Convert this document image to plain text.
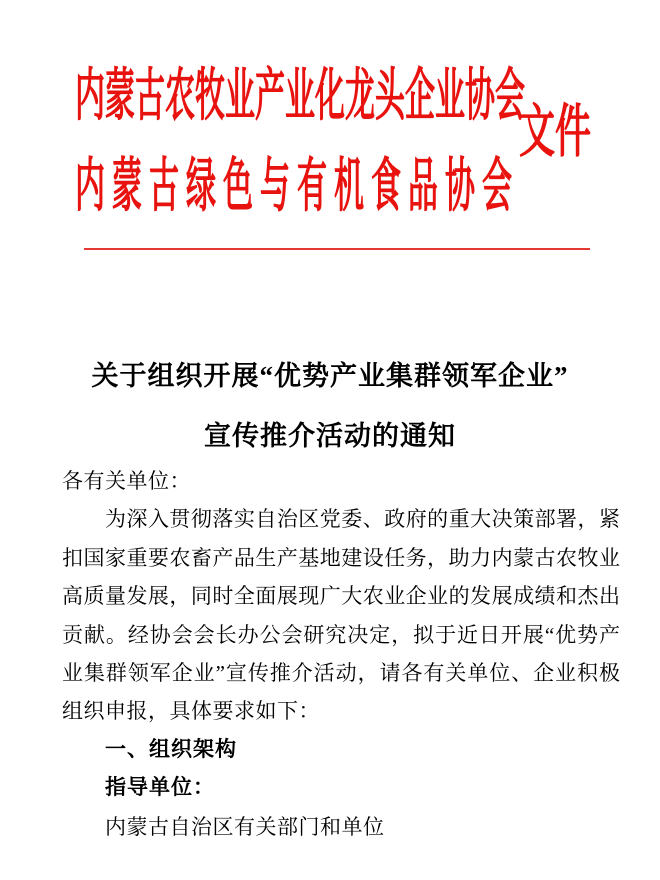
内蒙古农牧业产业化龙头企业协会
内蒙古绿色与有机食品协会
文件
关于组织开展“优势产业集群领军企业”
宣传推介活动的通知
各有关单位：
为深入贯彻落实自治区党委、政府的重大决策部署，紧
扣国家重要农畜产品生产基地建设任务，助力内蒙古农牧业
高质量发展，同时全面展现广大农业企业的发展成绩和杰出
贡献。经协会会长办公会研究决定，拟于近日开展“优势产
业集群领军企业”宣传推介活动，请各有关单位、企业积极
组织申报，具体要求如下：
一、组织架构
指导单位：
内蒙古自治区有关部门和单位
